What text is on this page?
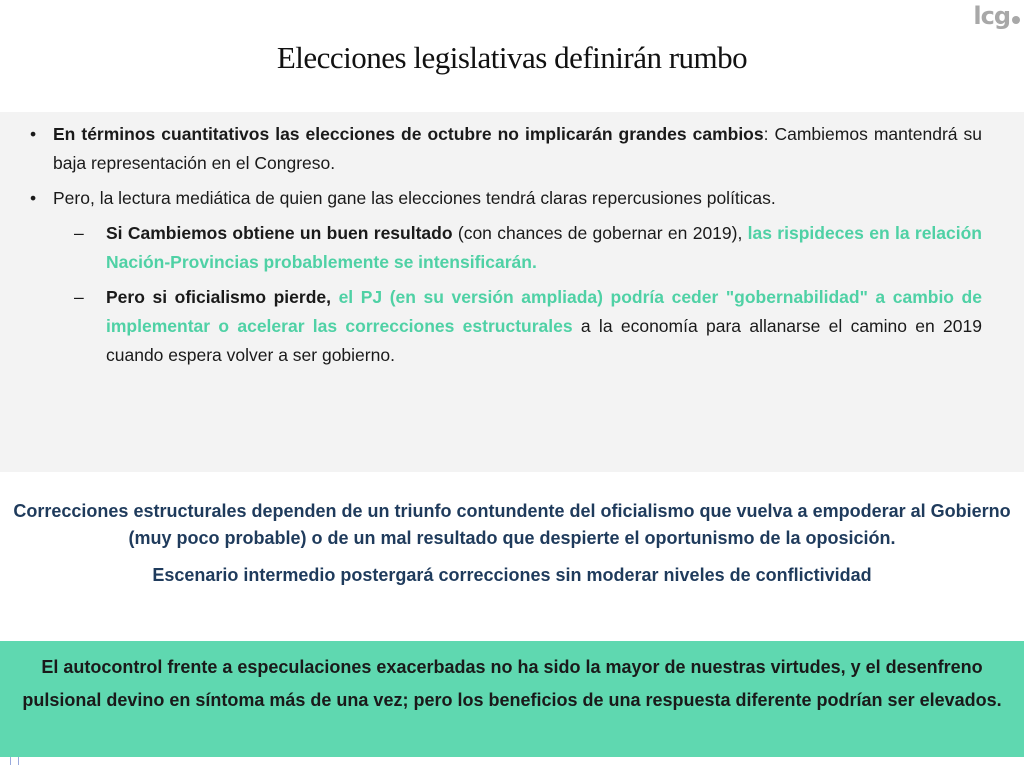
lcg
Elecciones legislativas definirán rumbo
• En términos cuantitativos las elecciones de octubre no implicarán grandes cambios: Cambiemos mantendrá su baja representación en el Congreso.
• Pero, la lectura mediática de quien gane las elecciones tendrá claras repercusiones políticas.
– Si Cambiemos obtiene un buen resultado (con chances de gobernar en 2019), las rispideces en la relación Nación-Provincias probablemente se intensificarán.
– Pero si oficialismo pierde, el PJ (en su versión ampliada) podría ceder "gobernabilidad" a cambio de implementar o acelerar las correcciones estructurales a la economía para allanarse el camino en 2019 cuando espera volver a ser gobierno.

Correcciones estructurales dependen de un triunfo contundente del oficialismo que vuelva a empoderar al Gobierno (muy poco probable) o de un mal resultado que despierte el oportunismo de la oposición.

Escenario intermedio postergará correcciones sin moderar niveles de conflictividad

El autocontrol frente a especulaciones exacerbadas no ha sido la mayor de nuestras virtudes, y el desenfreno pulsional devino en síntoma más de una vez; pero los beneficios de una respuesta diferente podrían ser elevados.
